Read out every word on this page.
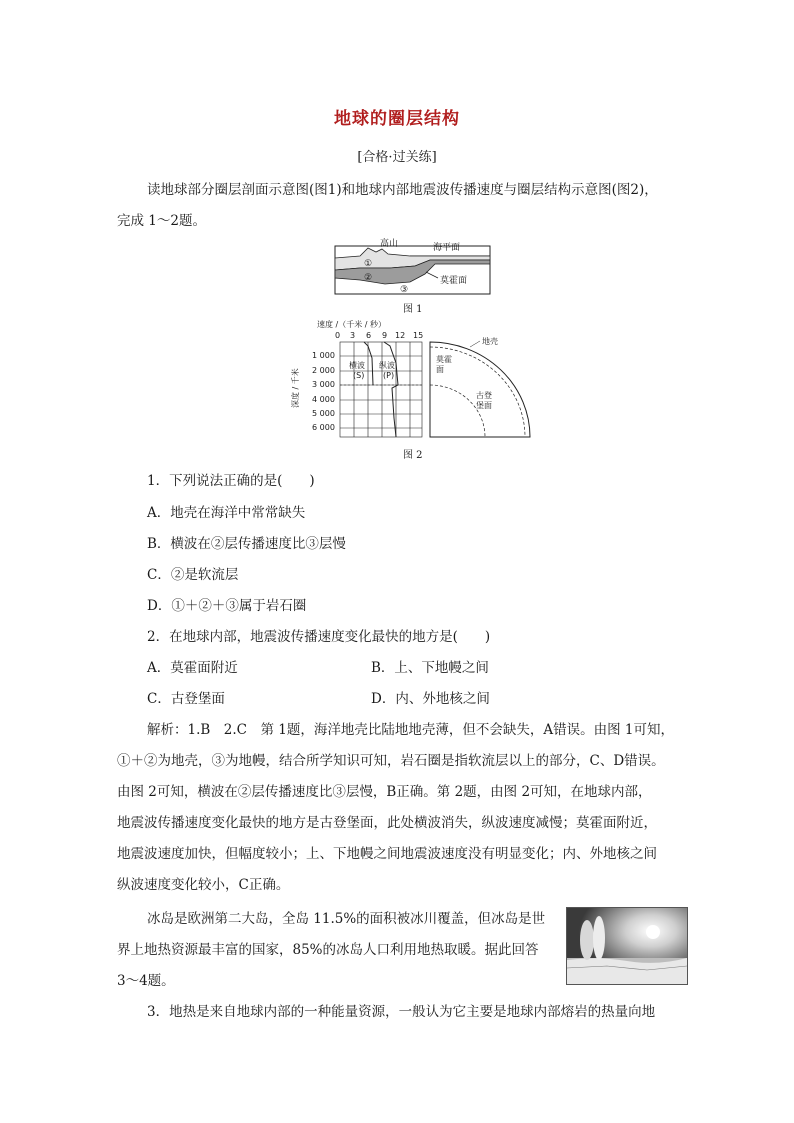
地球的圈层结构
[合格·过关练]
读地球部分圈层剖面示意图(图1)和地球内部地震波传播速度与圈层结构示意图(图2)，
完成 1～2题。
①
②
③
高山	海平面
莫霍面
图 1
速度 /（千米 / 秒）
0 3 6 9 12 15
横波
(S)
纵波
(P)
1 000
2 000
3 000
4 000
5 000
6 000
深度 / 千米
地壳
莫霍
面
古登
堡面
图 2
1．下列说法正确的是(　　)
A．地壳在海洋中常常缺失
B．横波在②层传播速度比③层慢
C．②是软流层
D．①＋②＋③属于岩石圈
2．在地球内部，地震波传播速度变化最快的地方是(　　)
A．莫霍面附近	B．上、下地幔之间
C．古登堡面	D．内、外地核之间
解析：1.B　2.C　第 1题，海洋地壳比陆地地壳薄，但不会缺失，A错误。由图 1可知，
①＋②为地壳，③为地幔，结合所学知识可知，岩石圈是指软流层以上的部分，C、D错误。
由图 2可知，横波在②层传播速度比③层慢，B正确。第 2题，由图 2可知，在地球内部，
地震波传播速度变化最快的地方是古登堡面，此处横波消失，纵波速度减慢；莫霍面附近，
地震波速度加快，但幅度较小；上、下地幔之间地震波速度没有明显变化；内、外地核之间
纵波速度变化较小，C正确。
冰岛是欧洲第二大岛，全岛 11.5%的面积被冰川覆盖，但冰岛是世
界上地热资源最丰富的国家，85%的冰岛人口利用地热取暖。据此回答
3～4题。
3．地热是来自地球内部的一种能量资源，一般认为它主要是地球内部熔岩的热量向地
